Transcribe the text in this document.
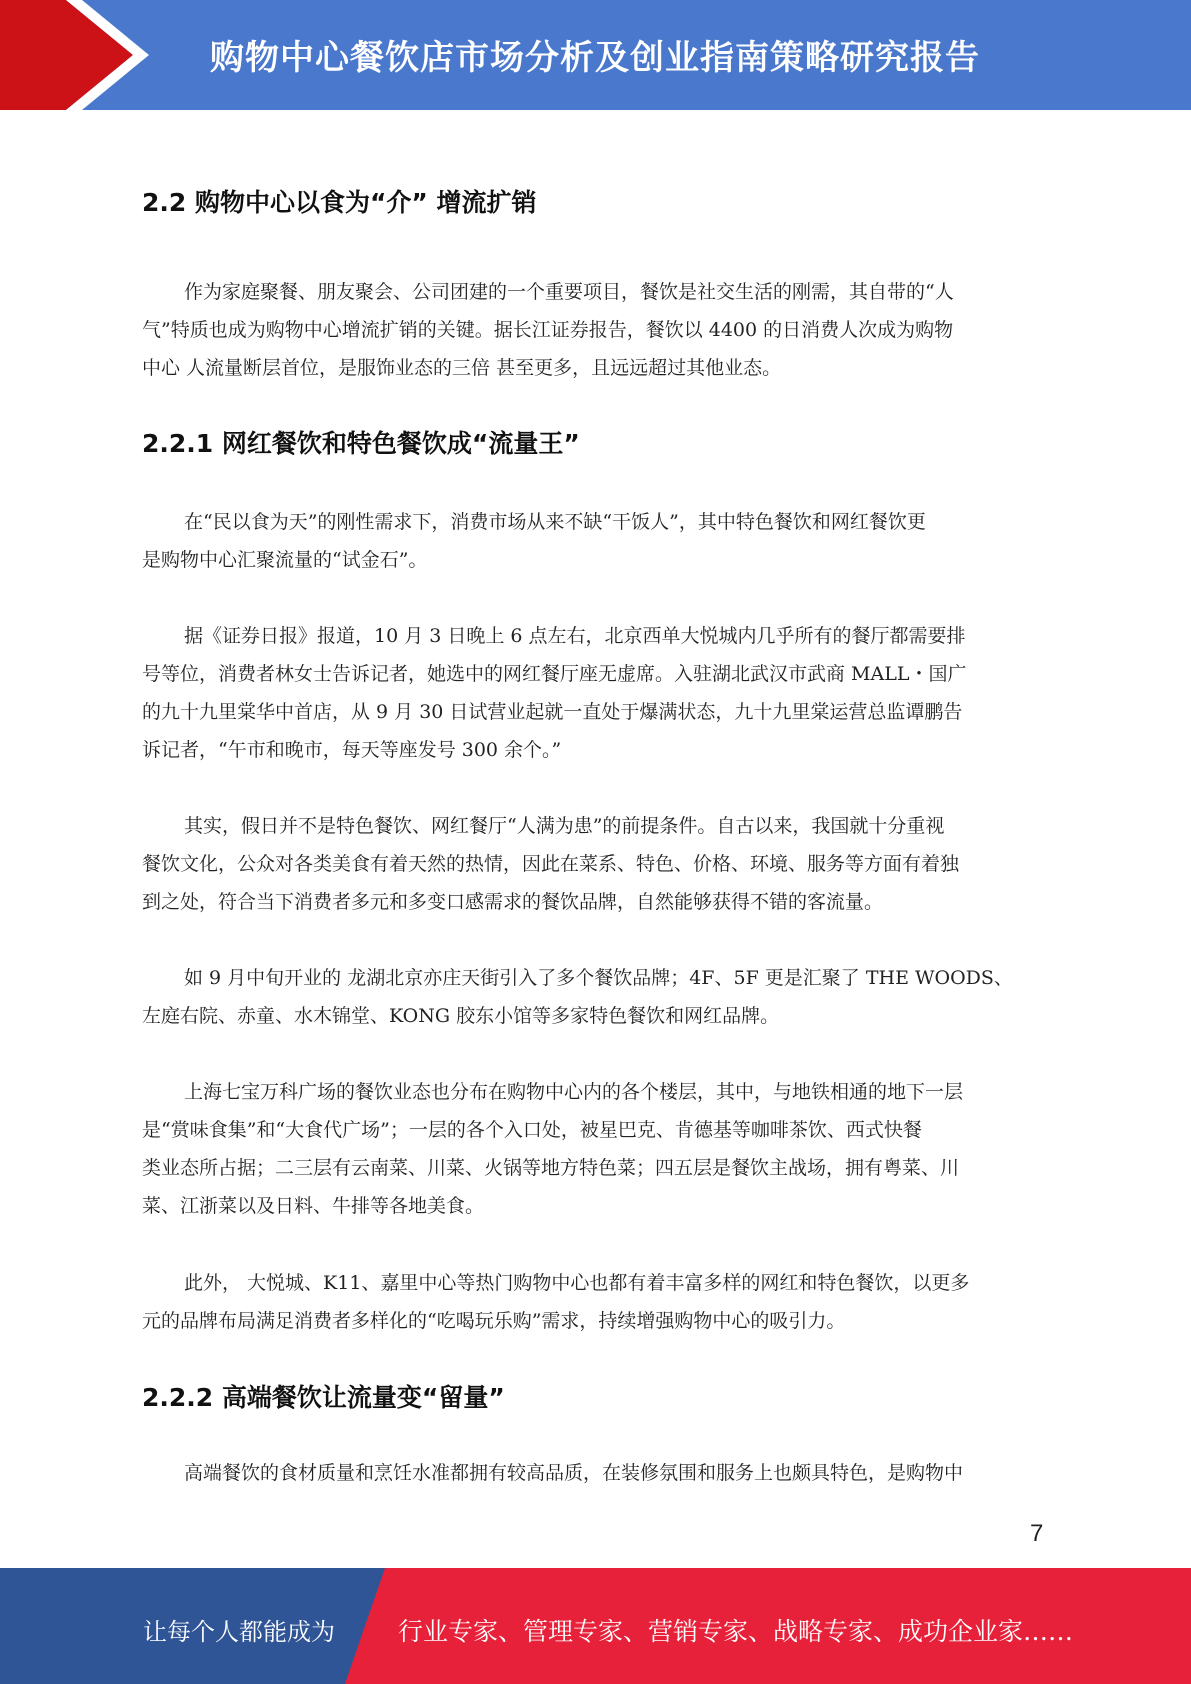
购物中心餐饮店市场分析及创业指南策略研究报告
2.2 购物中心以食为“介” 增流扩销
作为家庭聚餐、朋友聚会、公司团建的一个重要项目，餐饮是社交生活的刚需，其自带的“人
气”特质也成为购物中心增流扩销的关键。据长江证券报告，餐饮以 4400 的日消费人次成为购物
中心 人流量断层首位，是服饰业态的三倍 甚至更多，且远远超过其他业态。
2.2.1 网红餐饮和特色餐饮成“流量王”
在“民以食为天”的刚性需求下，消费市场从来不缺“干饭人”，其中特色餐饮和网红餐饮更
是购物中心汇聚流量的“试金石”。
据《证券日报》报道，10 月 3 日晚上 6 点左右，北京西单大悦城内几乎所有的餐厅都需要排
号等位，消费者林女士告诉记者，她选中的网红餐厅座无虚席。入驻湖北武汉市武商 MALL・国广
的九十九里棠华中首店，从 9 月 30 日试营业起就一直处于爆满状态，九十九里棠运营总监谭鹏告
诉记者，“午市和晚市，每天等座发号 300 余个。”
其实，假日并不是特色餐饮、网红餐厅“人满为患”的前提条件。自古以来，我国就十分重视
餐饮文化，公众对各类美食有着天然的热情，因此在菜系、特色、价格、环境、服务等方面有着独
到之处，符合当下消费者多元和多变口感需求的餐饮品牌，自然能够获得不错的客流量。
如 9 月中旬开业的 龙湖北京亦庄天街引入了多个餐饮品牌；4F、5F 更是汇聚了 THE WOODS、
左庭右院、赤童、水木锦堂、KONG 胶东小馆等多家特色餐饮和网红品牌。
上海七宝万科广场的餐饮业态也分布在购物中心内的各个楼层，其中，与地铁相通的地下一层
是“赏味食集”和“大食代广场”；一层的各个入口处，被星巴克、肯德基等咖啡茶饮、西式快餐
类业态所占据；二三层有云南菜、川菜、火锅等地方特色菜；四五层是餐饮主战场，拥有粤菜、川
菜、江浙菜以及日料、牛排等各地美食。
此外， 大悦城、K11、嘉里中心等热门购物中心也都有着丰富多样的网红和特色餐饮，以更多
元的品牌布局满足消费者多样化的“吃喝玩乐购”需求，持续增强购物中心的吸引力。
2.2.2 高端餐饮让流量变“留量”
高端餐饮的食材质量和烹饪水准都拥有较高品质，在装修氛围和服务上也颇具特色，是购物中
7
让每个人都能成为	行业专家、管理专家、营销专家、战略专家、成功企业家……
